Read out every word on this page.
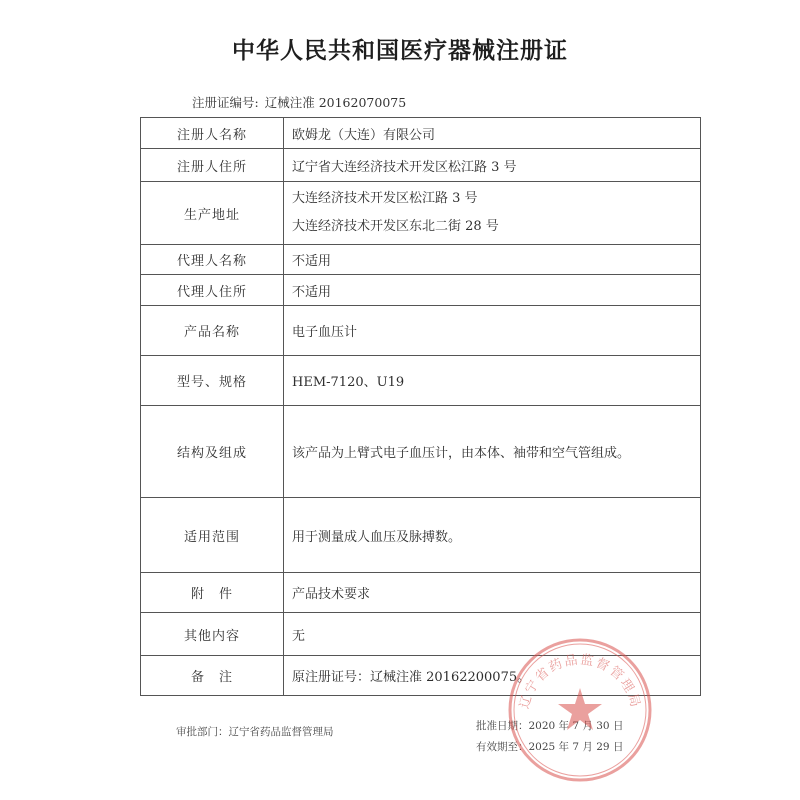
中华人民共和国医疗器械注册证
注册证编号: 辽械注准 20162070075
注册人名称	欧姆龙（大连）有限公司
注册人住所	辽宁省大连经济技术开发区松江路 3 号
生产地址	大连经济技术开发区松江路 3 号
大连经济技术开发区东北二街 28 号

代理人名称	不适用
代理人住所	不适用
产品名称	电子血压计
型号、规格	HEM-7120、U19
结构及组成	该产品为上臂式电子血压计，由本体、袖带和空气管组成。
适用范围	用于测量成人血压及脉搏数。
附　件	产品技术要求
其他内容	无
备　注	原注册证号：辽械注准 20162200075。
审批部门：辽宁省药品监督管理局	批准日期：2020 年 7 月 30 日
有效期至：2025 年 7 月 29 日
辽宁省药品监督管理局
